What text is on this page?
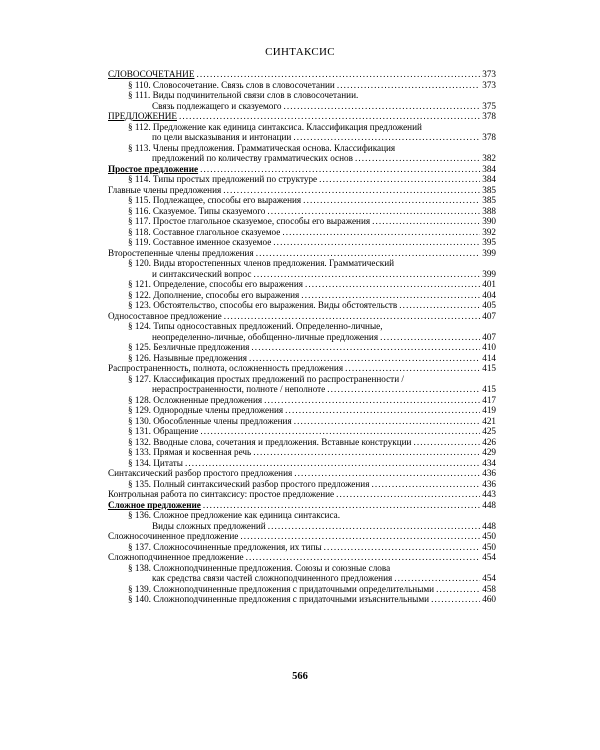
СИНТАКСИС
СЛОВОСОЧЕТАНИЕ . . .	373
§ 110. Словосочетание. Связь слов в словосочетании . . .	373
§ 111. Виды подчинительной связи слов в словосочетании.
Связь подлежащего и сказуемого . . .	375
ПРЕДЛОЖЕНИЕ . . .	378
§ 112. Предложение как единица синтаксиса. Классификация предложений
по цели высказывания и интонации . . .	378
§ 113. Члены предложения. Грамматическая основа. Классификация
предложений по количеству грамматических основ . . .	382
Простое предложение . . .	384
§ 114. Типы простых предложений по структуре . . .	384
Главные члены предложения . . .	385
§ 115. Подлежащее, способы его выражения . . .	385
§ 116. Сказуемое. Типы сказуемого . . .	388
§ 117. Простое глагольное сказуемое, способы его выражения . . .	390
§ 118. Составное глагольное сказуемое . . .	392
§ 119. Составное именное сказуемое . . .	395
Второстепенные члены предложения . . .	399
§ 120. Виды второстепенных членов предложения. Грамматический
и синтаксический вопрос . . .	399
§ 121. Определение, способы его выражения . . .	401
§ 122. Дополнение, способы его выражения . . .	404
§ 123. Обстоятельство, способы его выражения. Виды обстоятельств . . .	405
Односоставное предложение . . .	407
§ 124. Типы односоставных предложений. Определенно-личные,
неопределенно-личные, обобщенно-личные предложения . . .	407
§ 125. Безличные предложения . . .	410
§ 126. Назывные предложения . . .	414
Распространенность, полнота, осложненность предложения . . .	415
§ 127. Классификация простых предложений по распространенности /
нераспространенности, полноте / неполноте . . .	415
§ 128. Осложненные предложения . . .	417
§ 129. Однородные члены предложения . . .	419
§ 130. Обособленные члены предложения . . .	421
§ 131. Обращение . . .	425
§ 132. Вводные слова, сочетания и предложения. Вставные конструкции . . .	426
§ 133. Прямая и косвенная речь . . .	429
§ 134. Цитаты . . .	434
Синтаксический разбор простого предложения . . .	436
§ 135. Полный синтаксический разбор простого предложения . . .	436
Контрольная работа по синтаксису: простое предложение . . .	443
Сложное предложение . . .	448
§ 136. Сложное предложение как единица синтаксиса.
Виды сложных предложений . . .	448
Сложносочиненное предложение . . .	450
§ 137. Сложносочиненные предложения, их типы . . .	450
Сложноподчиненное предложение . . .	454
§ 138. Сложноподчиненные предложения. Союзы и союзные слова
как средства связи частей сложноподчиненного предложения . . .	454
§ 139. Сложноподчиненные предложения с придаточными определительными . . .	458
§ 140. Сложноподчиненные предложения с придаточными изъяснительными . . .	460
566
